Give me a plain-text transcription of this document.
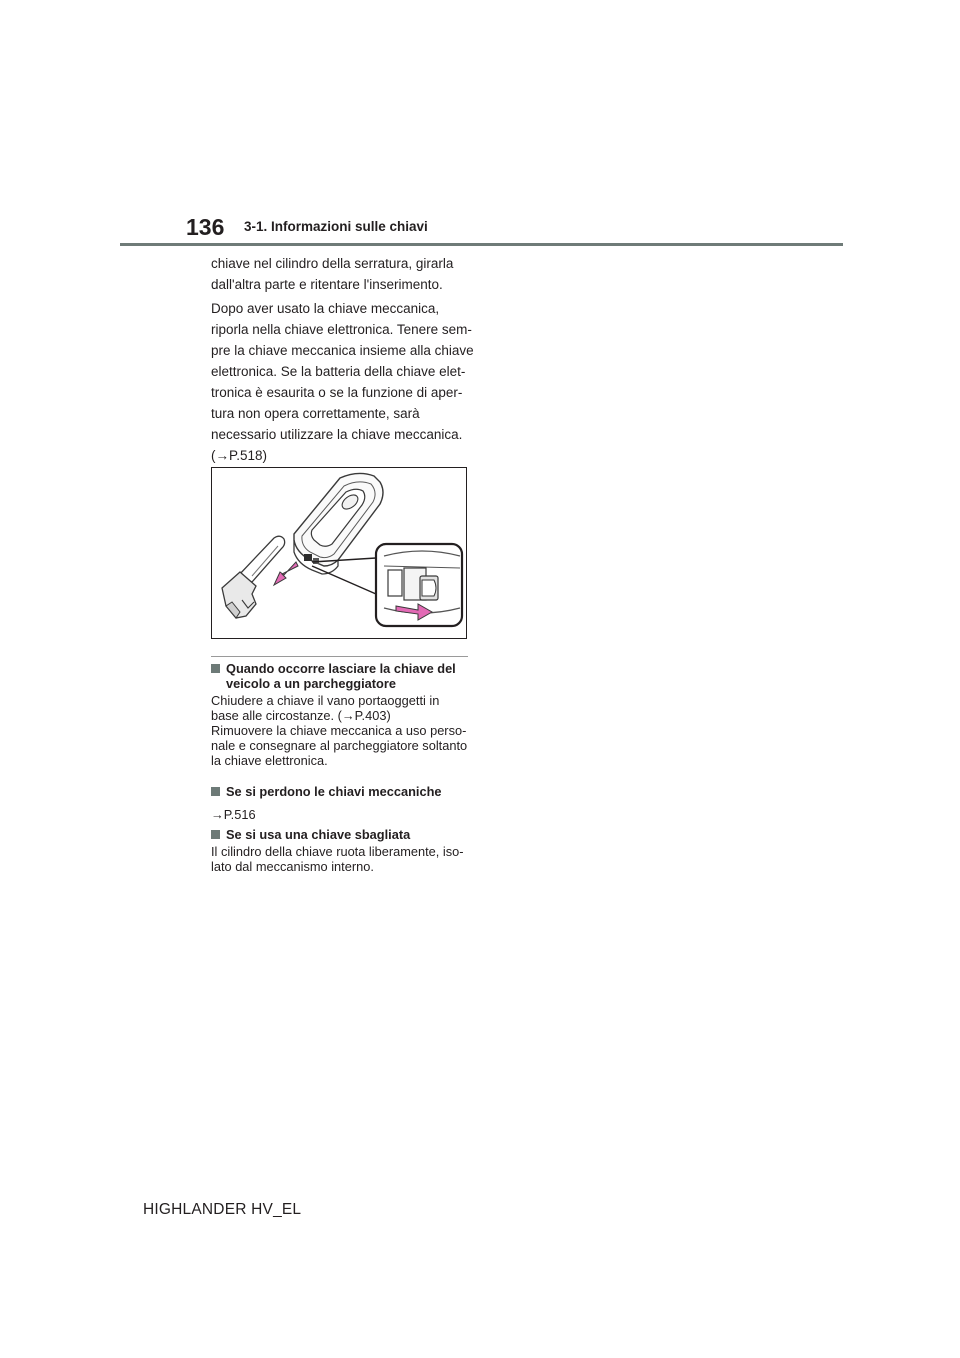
136 3-1. Informazioni sulle chiavi
chiave nel cilindro della serratura, girarla
dall'altra parte e ritentare l'inserimento.
Dopo aver usato la chiave meccanica,
riporla nella chiave elettronica. Tenere sem-
pre la chiave meccanica insieme alla chiave
elettronica. Se la batteria della chiave elet-
tronica è esaurita o se la funzione di aper-
tura non opera correttamente, sarà
necessario utilizzare la chiave meccanica.
(→P.518)
Quando occorre lasciare la chiave del
veicolo a un parcheggiatore
Chiudere a chiave il vano portaoggetti in
base alle circostanze. (→P.403)
Rimuovere la chiave meccanica a uso perso-
nale e consegnare al parcheggiatore soltanto
la chiave elettronica.
Se si perdono le chiavi meccaniche
→P.516
Se si usa una chiave sbagliata
Il cilindro della chiave ruota liberamente, iso-
lato dal meccanismo interno.
HIGHLANDER HV_EL
